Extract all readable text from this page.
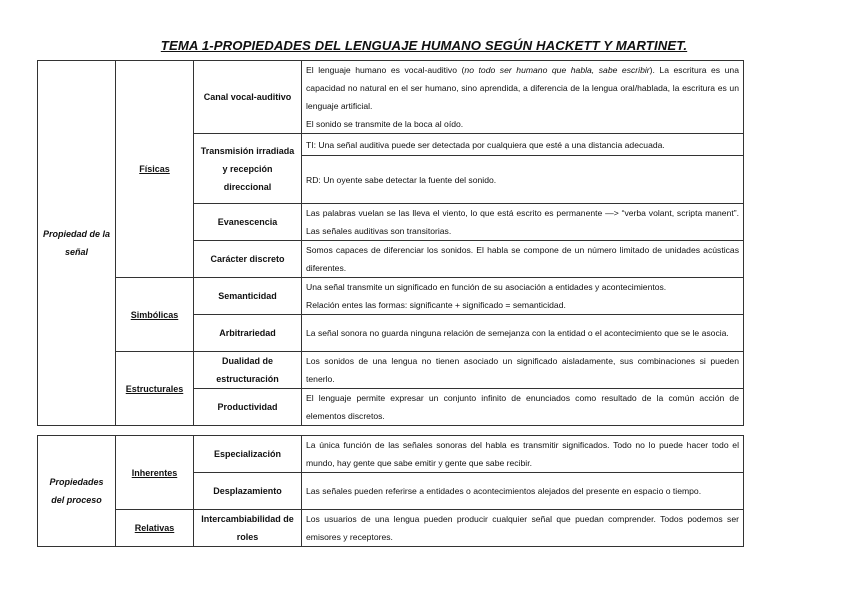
TEMA 1-PROPIEDADES DEL LENGUAJE HUMANO SEGÚN HACKETT Y MARTINET.
Propiedad de la señal	Físicas	Canal vocal-auditivo	El lenguaje humano es vocal-auditivo (no todo ser humano que habla, sabe escribir). La escritura es una capacidad no natural en el ser humano, sino aprendida, a diferencia de la lengua oral/hablada, la escritura es un lenguaje artificial.
El sonido se transmite de la boca al oído.
		Transmisión irradiada y recepción direccional	TI: Una señal auditiva puede ser detectada por cualquiera que esté a una distancia adecuada.
			RD: Un oyente sabe detectar la fuente del sonido.
		Evanescencia	Las palabras vuelan se las lleva el viento, lo que está escrito es permanente —> “verba volant, scripta manent”. Las señales auditivas son transitorias.
		Carácter discreto	Somos capaces de diferenciar los sonidos. El habla se compone de un número limitado de unidades acústicas diferentes.
	Simbólicas	Semanticidad	Una señal transmite un significado en función de su asociación a entidades y acontecimientos.
Relación entes las formas: significante + significado = semanticidad.
		Arbitrariedad	La señal sonora no guarda ninguna relación de semejanza con la entidad o el acontecimiento que se le asocia.
	Estructurales	Dualidad de estructuración	Los sonidos de una lengua no tienen asociado un significado aisladamente, sus combinaciones si pueden tenerlo.
		Productividad	El lenguaje permite expresar un conjunto infinito de enunciados como resultado de la común acción de elementos discretos.
Propiedades del proceso	Inherentes	Especialización	La única función de las señales sonoras del habla es transmitir significados. Todo no lo puede hacer todo el mundo, hay gente que sabe emitir y gente que sabe recibir.
		Desplazamiento	Las señales pueden referirse a entidades o acontecimientos alejados del presente en espacio o tiempo.
	Relativas	Intercambiabilidad de roles	Los usuarios de una lengua pueden producir cualquier señal que puedan comprender. Todos podemos ser emisores y receptores.
